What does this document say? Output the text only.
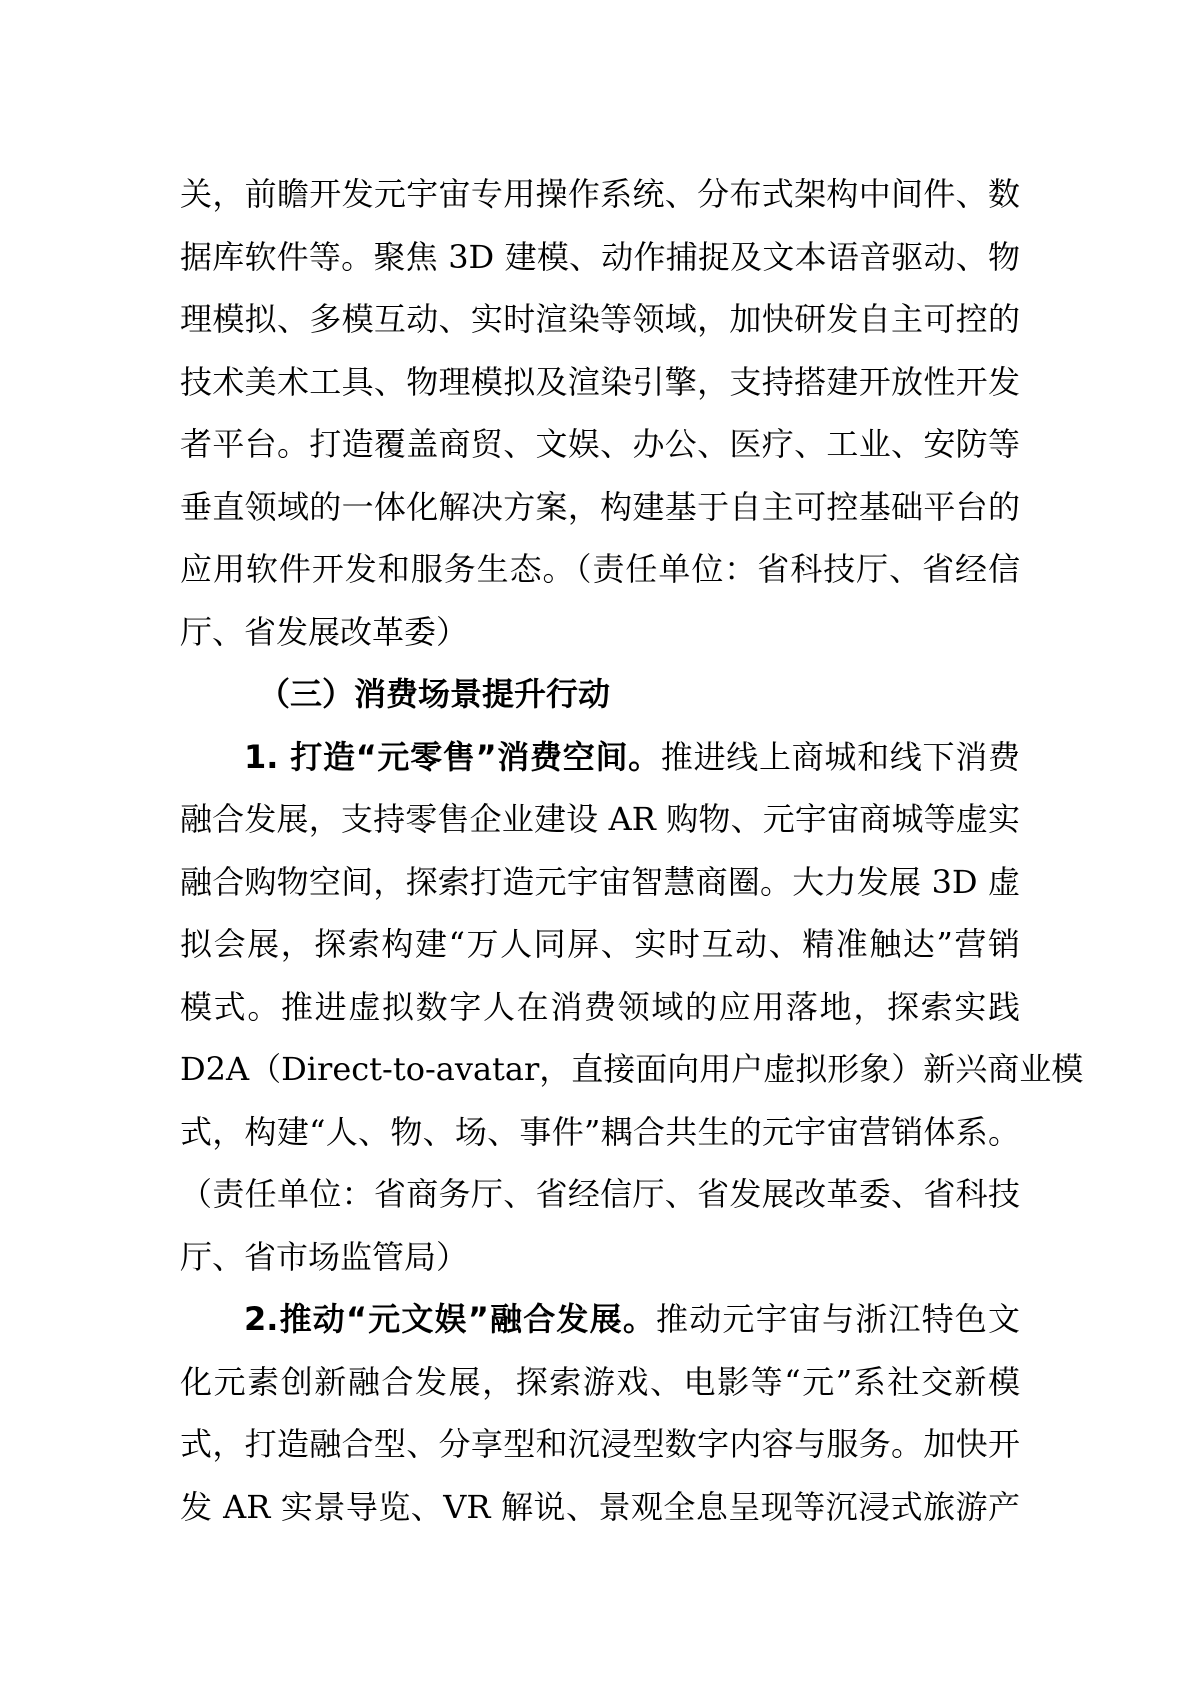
关，前瞻开发元宇宙专用操作系统、分布式架构中间件、数
据库软件等。聚焦 3D 建模、动作捕捉及文本语音驱动、物
理模拟、多模互动、实时渲染等领域，加快研发自主可控的
技术美术工具、物理模拟及渲染引擎，支持搭建开放性开发
者平台。打造覆盖商贸、文娱、办公、医疗、工业、安防等
垂直领域的一体化解决方案，构建基于自主可控基础平台的
应用软件开发和服务生态。（责任单位：省科技厅、省经信
厅、省发展改革委）
（三）消费场景提升行动
1. 打造“元零售”消费空间。推进线上商城和线下消费
融合发展，支持零售企业建设 AR 购物、元宇宙商城等虚实
融合购物空间，探索打造元宇宙智慧商圈。大力发展 3D 虚
拟会展，探索构建“万人同屏、实时互动、精准触达”营销
模式。推进虚拟数字人在消费领域的应用落地，探索实践
D2A（Direct-to-avatar，直接面向用户虚拟形象）新兴商业模
式，构建“人、物、场、事件”耦合共生的元宇宙营销体系。
（责任单位：省商务厅、省经信厅、省发展改革委、省科技
厅、省市场监管局）
2.推动“元文娱”融合发展。推动元宇宙与浙江特色文
化元素创新融合发展，探索游戏、电影等“元”系社交新模
式，打造融合型、分享型和沉浸型数字内容与服务。加快开
发 AR 实景导览、VR 解说、景观全息呈现等沉浸式旅游产
